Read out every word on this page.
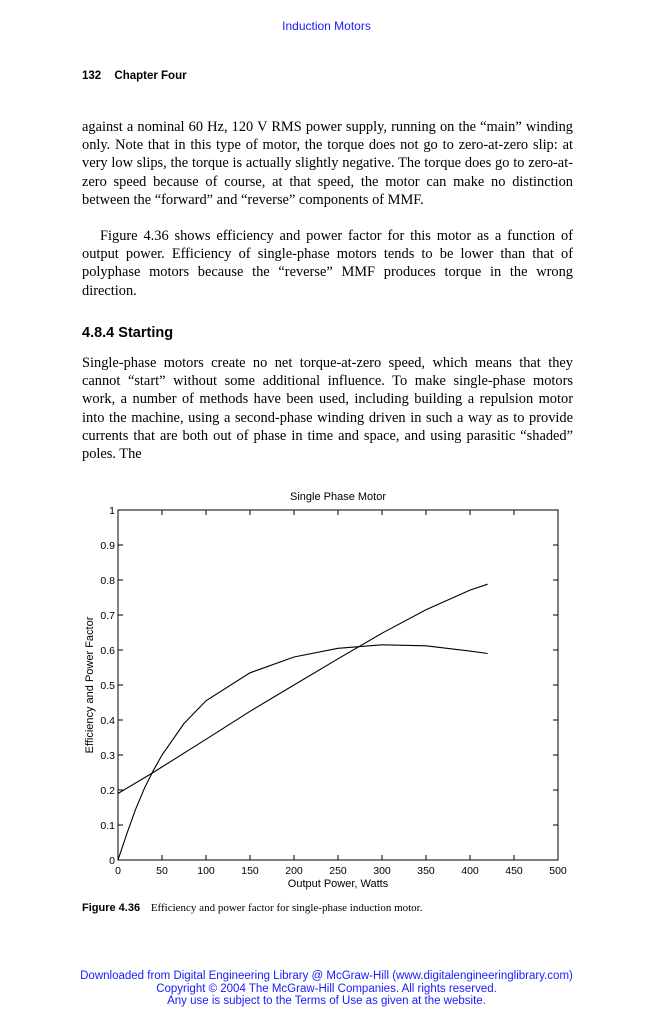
Induction Motors
132 Chapter Four

against a nominal 60 Hz, 120 V RMS power supply, running on the “main” winding only. Note that in this type of motor, the torque does not go to zero-at-zero slip: at very low slips, the torque is actually slightly negative. The torque does go to zero-at-zero speed because of course, at that speed, the motor can make no distinction between the “forward” and “reverse” components of MMF.

Figure 4.36 shows efficiency and power factor for this motor as a function of output power. Efficiency of single-phase motors tends to be lower than that of polyphase motors because the “reverse” MMF produces torque in the wrong direction.

4.8.4 Starting

Single-phase motors create no net torque-at-zero speed, which means that they cannot “start” without some additional influence. To make single-phase motors work, a number of methods have been used, including building a repulsion motor into the machine, using a second-phase winding driven in such a way as to provide currents that are both out of phase in time and space, and using parasitic “shaded” poles. The

Single Phase Motor
0	50	100	150	200	250	300	350	400	450	500
0
0.1
0.2
0.3
0.4
0.5
0.6
0.7
0.8
0.9
1
Output Power, Watts
Efficiency and Power Factor
Figure 4.36 Efficiency and power factor for single-phase induction motor.
Downloaded from Digital Engineering Library @ McGraw-Hill (www.digitalengineeringlibrary.com)
Copyright © 2004 The McGraw-Hill Companies. All rights reserved.
Any use is subject to the Terms of Use as given at the website.
